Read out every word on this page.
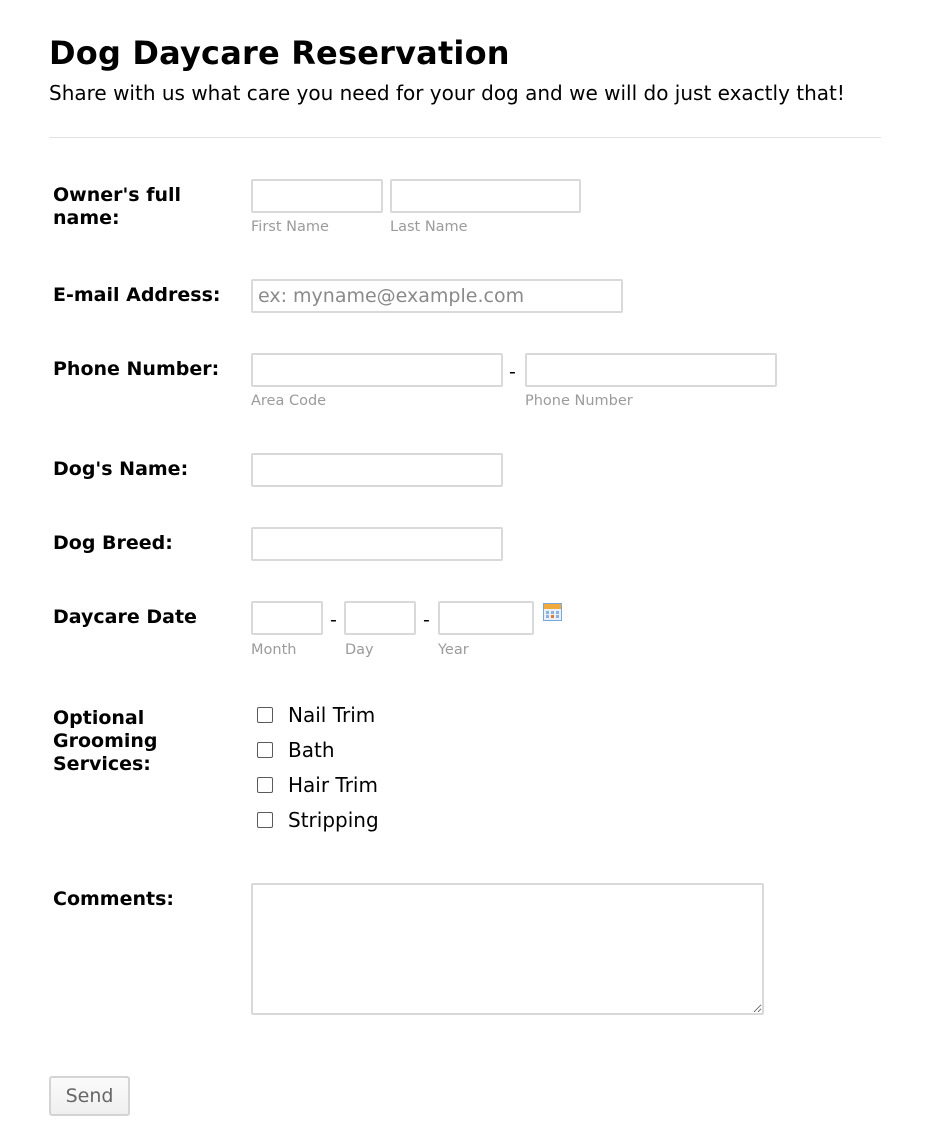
Dog Daycare Reservation

Share with us what care you need for your dog and we will do just exactly that!

Owner's full name:	First Name	Last Name
E-mail Address:
ex: myname@example.com
Phone Number:	-
Area Code	Phone Number
Dog's Name:
Dog Breed:
Daycare Date	-	-
Month	Day	Year
Optional Grooming Services:
Nail Trim
Bath
Hair Trim
Stripping
Comments:
Send
